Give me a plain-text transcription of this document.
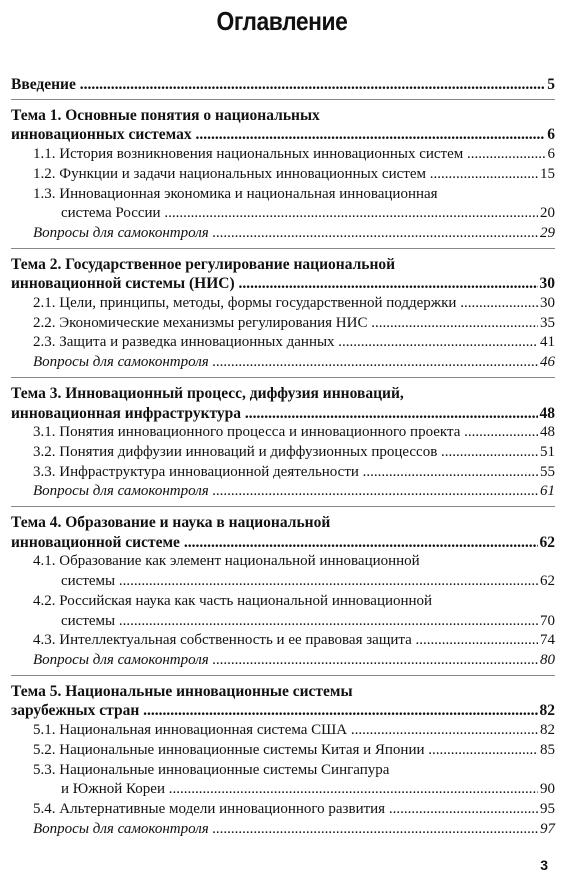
Оглавление
Введение .....	5
Тема 1. Основные понятия о национальных
инновационных системах .....	6
1.1. История возникновения национальных инновационных систем .....	6
1.2. Функции и задачи национальных инновационных систем .....	15
1.3. Инновационная экономика и национальная инновационная
система России .....	20
Вопросы для самоконтроля .....	29
Тема 2. Государственное регулирование национальной
инновационной системы (НИС) .....	30
2.1. Цели, принципы, методы, формы государственной поддержки .....	30
2.2. Экономические механизмы регулирования НИС .....	35
2.3. Защита и разведка инновационных данных .....	41
Вопросы для самоконтроля .....	46
Тема 3. Инновационный процесс, диффузия инноваций,
инновационная инфраструктура .....	48
3.1. Понятия инновационного процесса и инновационного проекта .....	48
3.2. Понятия диффузии инноваций и диффузионных процессов .....	51
3.3. Инфраструктура инновационной деятельности .....	55
Вопросы для самоконтроля .....	61
Тема 4. Образование и наука в национальной
инновационной системе .....	62
4.1. Образование как элемент национальной инновационной
системы .....	62
4.2. Российская наука как часть национальной инновационной
системы .....	70
4.3. Интеллектуальная собственность и ее правовая защита .....	74
Вопросы для самоконтроля .....	80
Тема 5. Национальные инновационные системы
зарубежных стран .....	82
5.1. Национальная инновационная система США .....	82
5.2. Национальные инновационные системы Китая и Японии .....	85
5.3. Национальные инновационные системы Сингапура
и Южной Кореи .....	90
5.4. Альтернативные модели инновационного развития .....	95
Вопросы для самоконтроля .....	97
3
